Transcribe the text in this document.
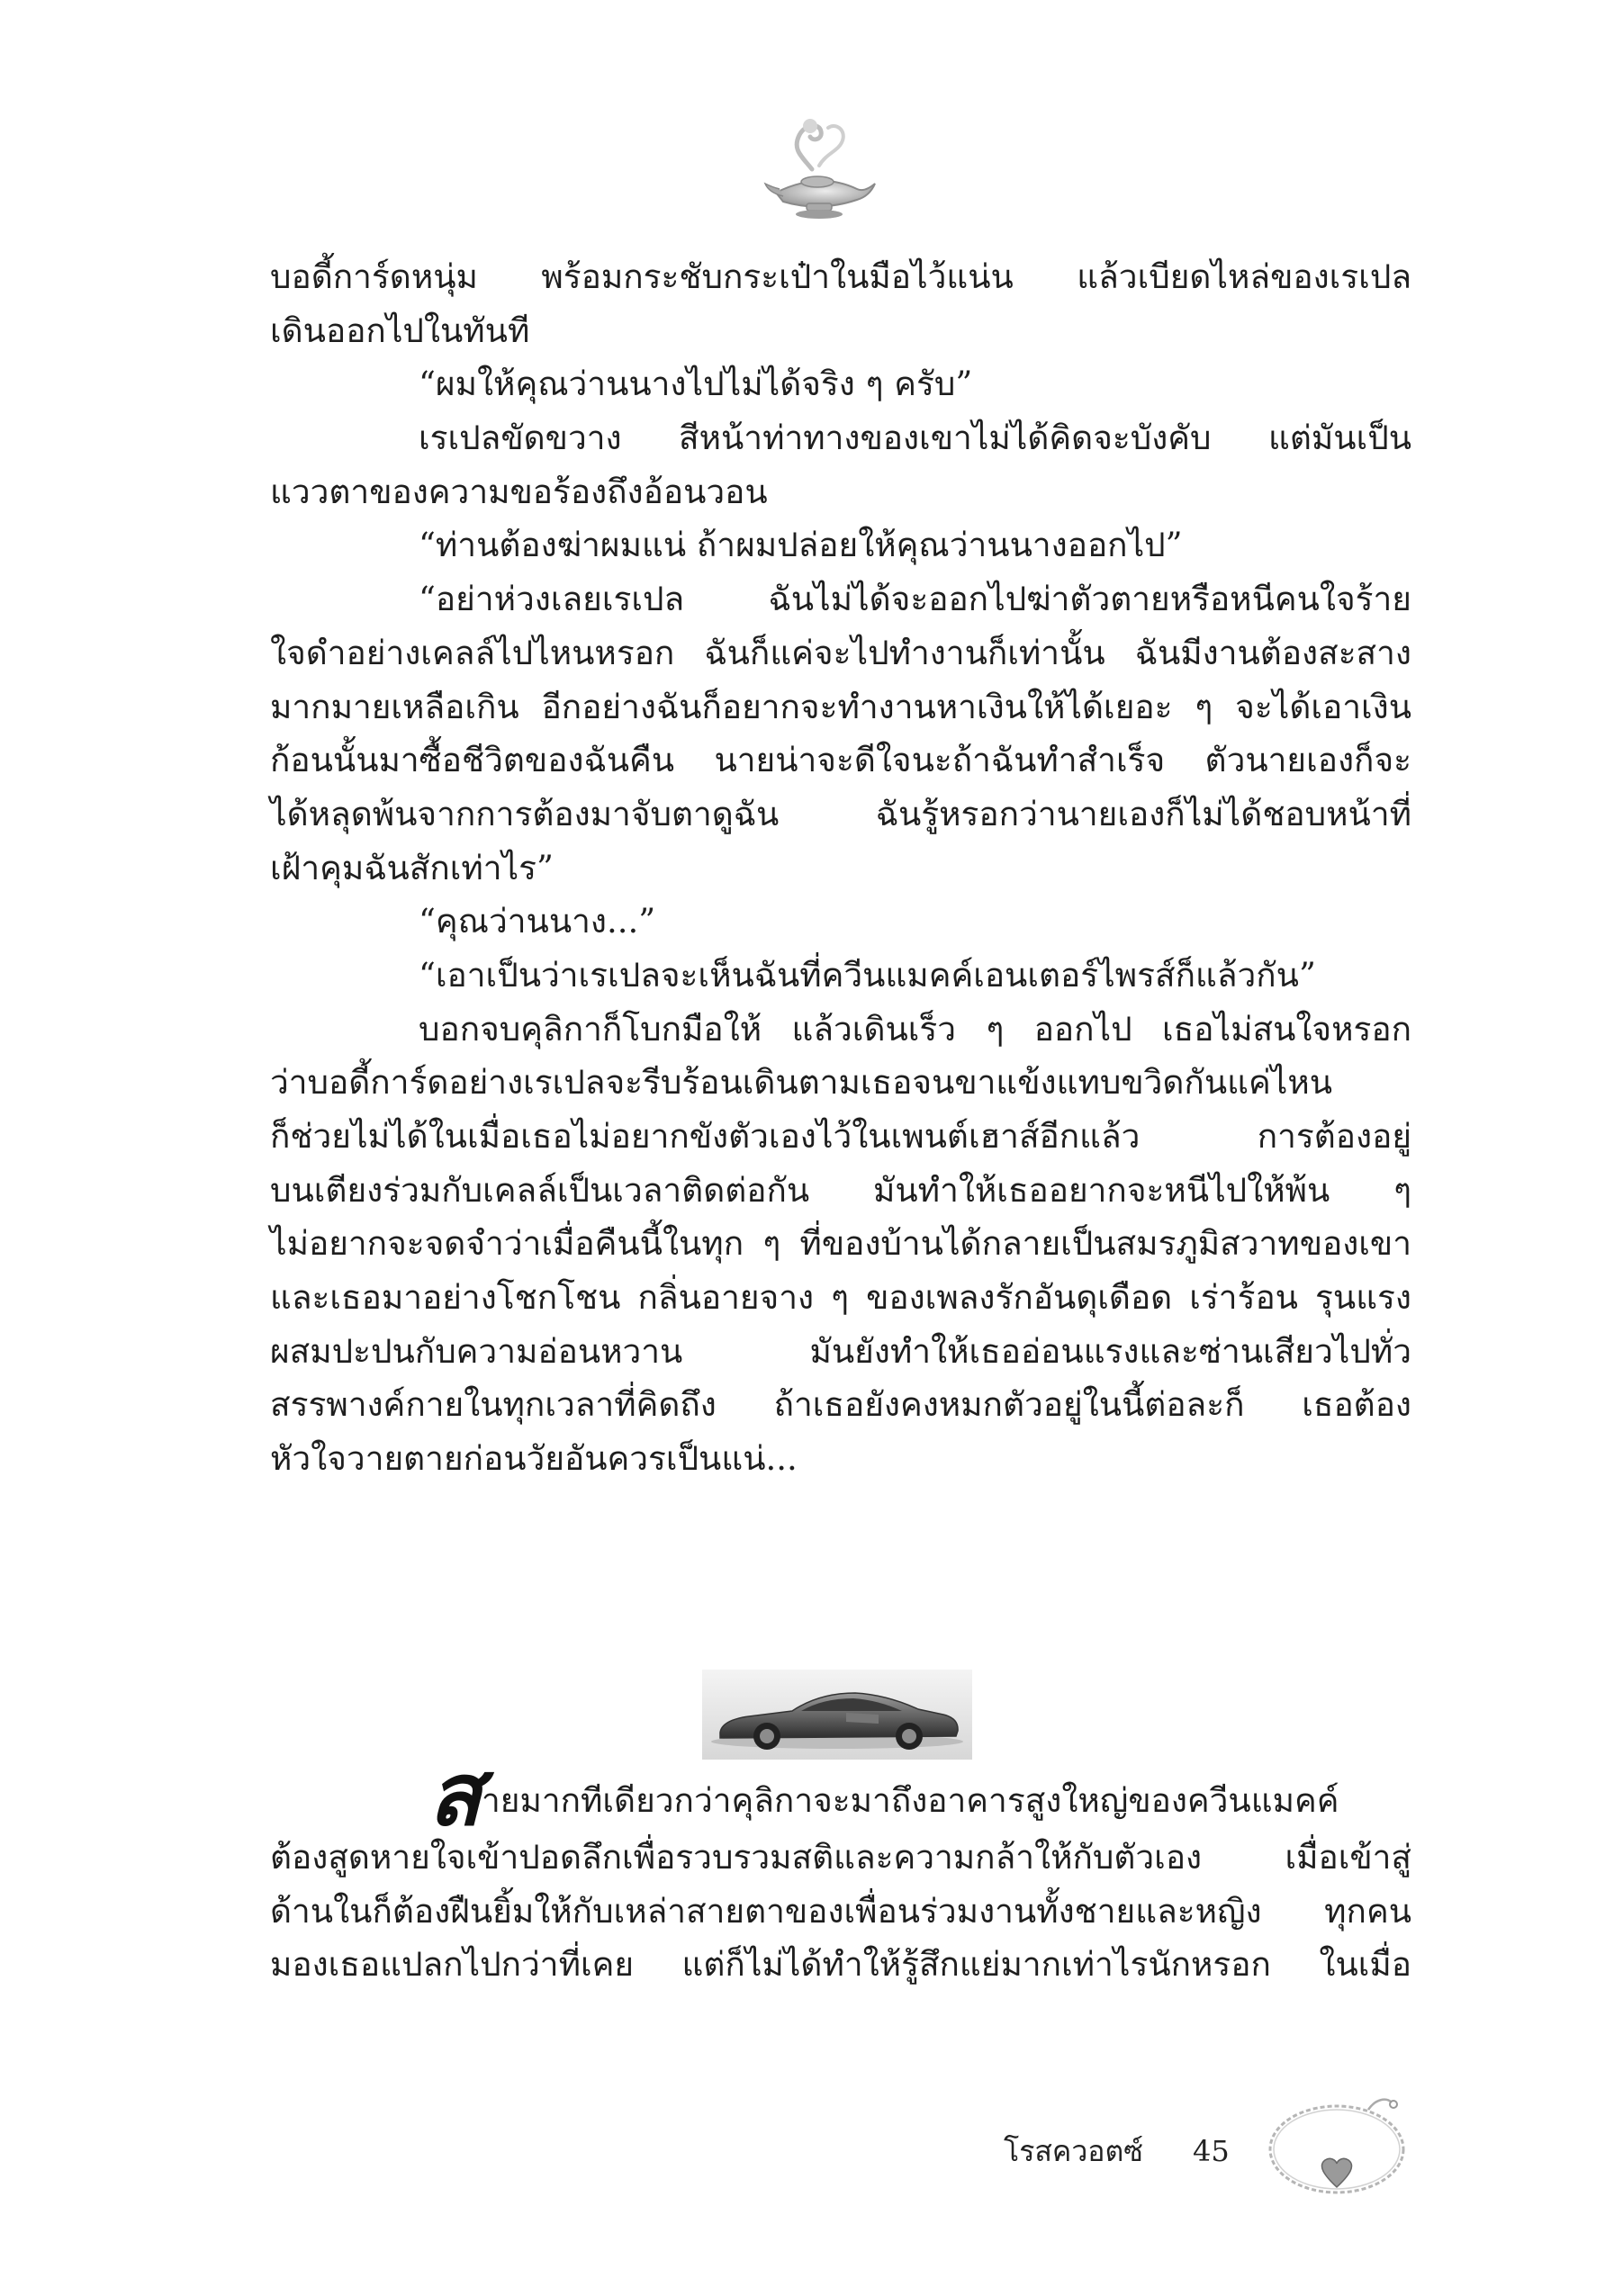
บอดี้การ์ดหนุ่ม พร้อมกระชับกระเป๋าในมือไว้แน่น แล้วเบียดไหล่ของเรเปล
เดินออกไปในทันที
“ผมให้คุณว่านนางไปไม่ได้จริง ๆ ครับ”
เรเปลขัดขวาง สีหน้าท่าทางของเขาไม่ได้คิดจะบังคับ แต่มันเป็น
แววตาของความขอร้องถึงอ้อนวอน
“ท่านต้องฆ่าผมแน่ ถ้าผมปล่อยให้คุณว่านนางออกไป”
“อย่าห่วงเลยเรเปล ฉันไม่ได้จะออกไปฆ่าตัวตายหรือหนีคนใจร้าย
ใจดำอย่างเคลล์ไปไหนหรอก ฉันก็แค่จะไปทำงานก็เท่านั้น ฉันมีงานต้องสะสาง
มากมายเหลือเกิน อีกอย่างฉันก็อยากจะทำงานหาเงินให้ได้เยอะ ๆ จะได้เอาเงิน
ก้อนนั้นมาซื้อชีวิตของฉันคืน นายน่าจะดีใจนะถ้าฉันทำสำเร็จ ตัวนายเองก็จะ
ได้หลุดพ้นจากการต้องมาจับตาดูฉัน ฉันรู้หรอกว่านายเองก็ไม่ได้ชอบหน้าที่
เฝ้าคุมฉันสักเท่าไร”
“คุณว่านนาง...”
“เอาเป็นว่าเรเปลจะเห็นฉันที่ควีนแมคค์เอนเตอร์ไพรส์ก็แล้วกัน”
บอกจบคุลิกาก็โบกมือให้ แล้วเดินเร็ว ๆ ออกไป เธอไม่สนใจหรอก
ว่าบอดี้การ์ดอย่างเรเปลจะรีบร้อนเดินตามเธอจนขาแข้งแทบขวิดกันแค่ไหน
ก็ช่วยไม่ได้ในเมื่อเธอไม่อยากขังตัวเองไว้ในเพนต์เฮาส์อีกแล้ว การต้องอยู่
บนเตียงร่วมกับเคลล์เป็นเวลาติดต่อกัน มันทำให้เธออยากจะหนีไปให้พ้น ๆ
ไม่อยากจะจดจำว่าเมื่อคืนนี้ในทุก ๆ ที่ของบ้านได้กลายเป็นสมรภูมิสวาทของเขา
และเธอมาอย่างโชกโชน กลิ่นอายจาง ๆ ของเพลงรักอันดุเดือด เร่าร้อน รุนแรง
ผสมปะปนกับความอ่อนหวาน มันยังทำให้เธออ่อนแรงและซ่านเสียวไปทั่ว
สรรพางค์กายในทุกเวลาที่คิดถึง ถ้าเธอยังคงหมกตัวอยู่ในนี้ต่อละก็ เธอต้อง
หัวใจวายตายก่อนวัยอันควรเป็นแน่...
ส ายมากทีเดียวกว่าคุลิกาจะมาถึงอาคารสูงใหญ่ของควีนแมคค์
ต้องสูดหายใจเข้าปอดลึกเพื่อรวบรวมสติและความกล้าให้กับตัวเอง เมื่อเข้าสู่
ด้านในก็ต้องฝืนยิ้มให้กับเหล่าสายตาของเพื่อนร่วมงานทั้งชายและหญิง ทุกคน
มองเธอแปลกไปกว่าที่เคย แต่ก็ไม่ได้ทำให้รู้สึกแย่มากเท่าไรนักหรอก ในเมื่อ
โรสควอตซ์ 45
